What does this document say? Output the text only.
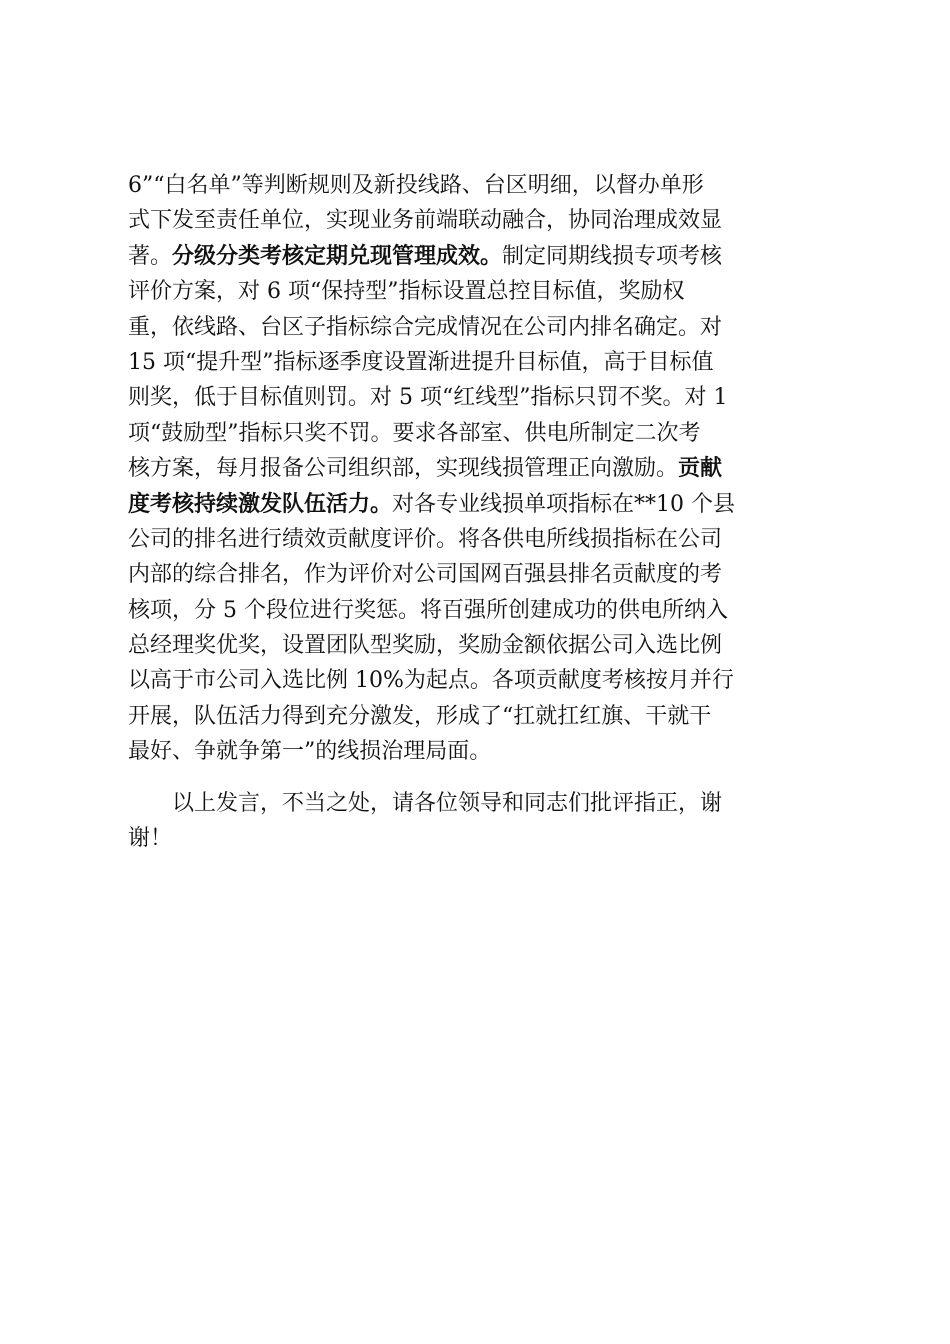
6”“白名单”等判断规则及新投线路、台区明细，以督办单形
式下发至责任单位，实现业务前端联动融合，协同治理成效显
著。分级分类考核定期兑现管理成效。制定同期线损专项考核
评价方案，对 6 项“保持型”指标设置总控目标值，奖励权
重，依线路、台区子指标综合完成情况在公司内排名确定。对
15 项“提升型”指标逐季度设置渐进提升目标值，高于目标值
则奖，低于目标值则罚。对 5 项“红线型”指标只罚不奖。对 1
项“鼓励型”指标只奖不罚。要求各部室、供电所制定二次考
核方案，每月报备公司组织部，实现线损管理正向激励。贡献
度考核持续激发队伍活力。对各专业线损单项指标在**10 个县
公司的排名进行绩效贡献度评价。将各供电所线损指标在公司
内部的综合排名，作为评价对公司国网百强县排名贡献度的考
核项，分 5 个段位进行奖惩。将百强所创建成功的供电所纳入
总经理奖优奖，设置团队型奖励，奖励金额依据公司入选比例
以高于市公司入选比例 10%为起点。各项贡献度考核按月并行
开展，队伍活力得到充分激发，形成了“扛就扛红旗、干就干
最好、争就争第一”的线损治理局面。
以上发言，不当之处，请各位领导和同志们批评指正，谢
谢！
